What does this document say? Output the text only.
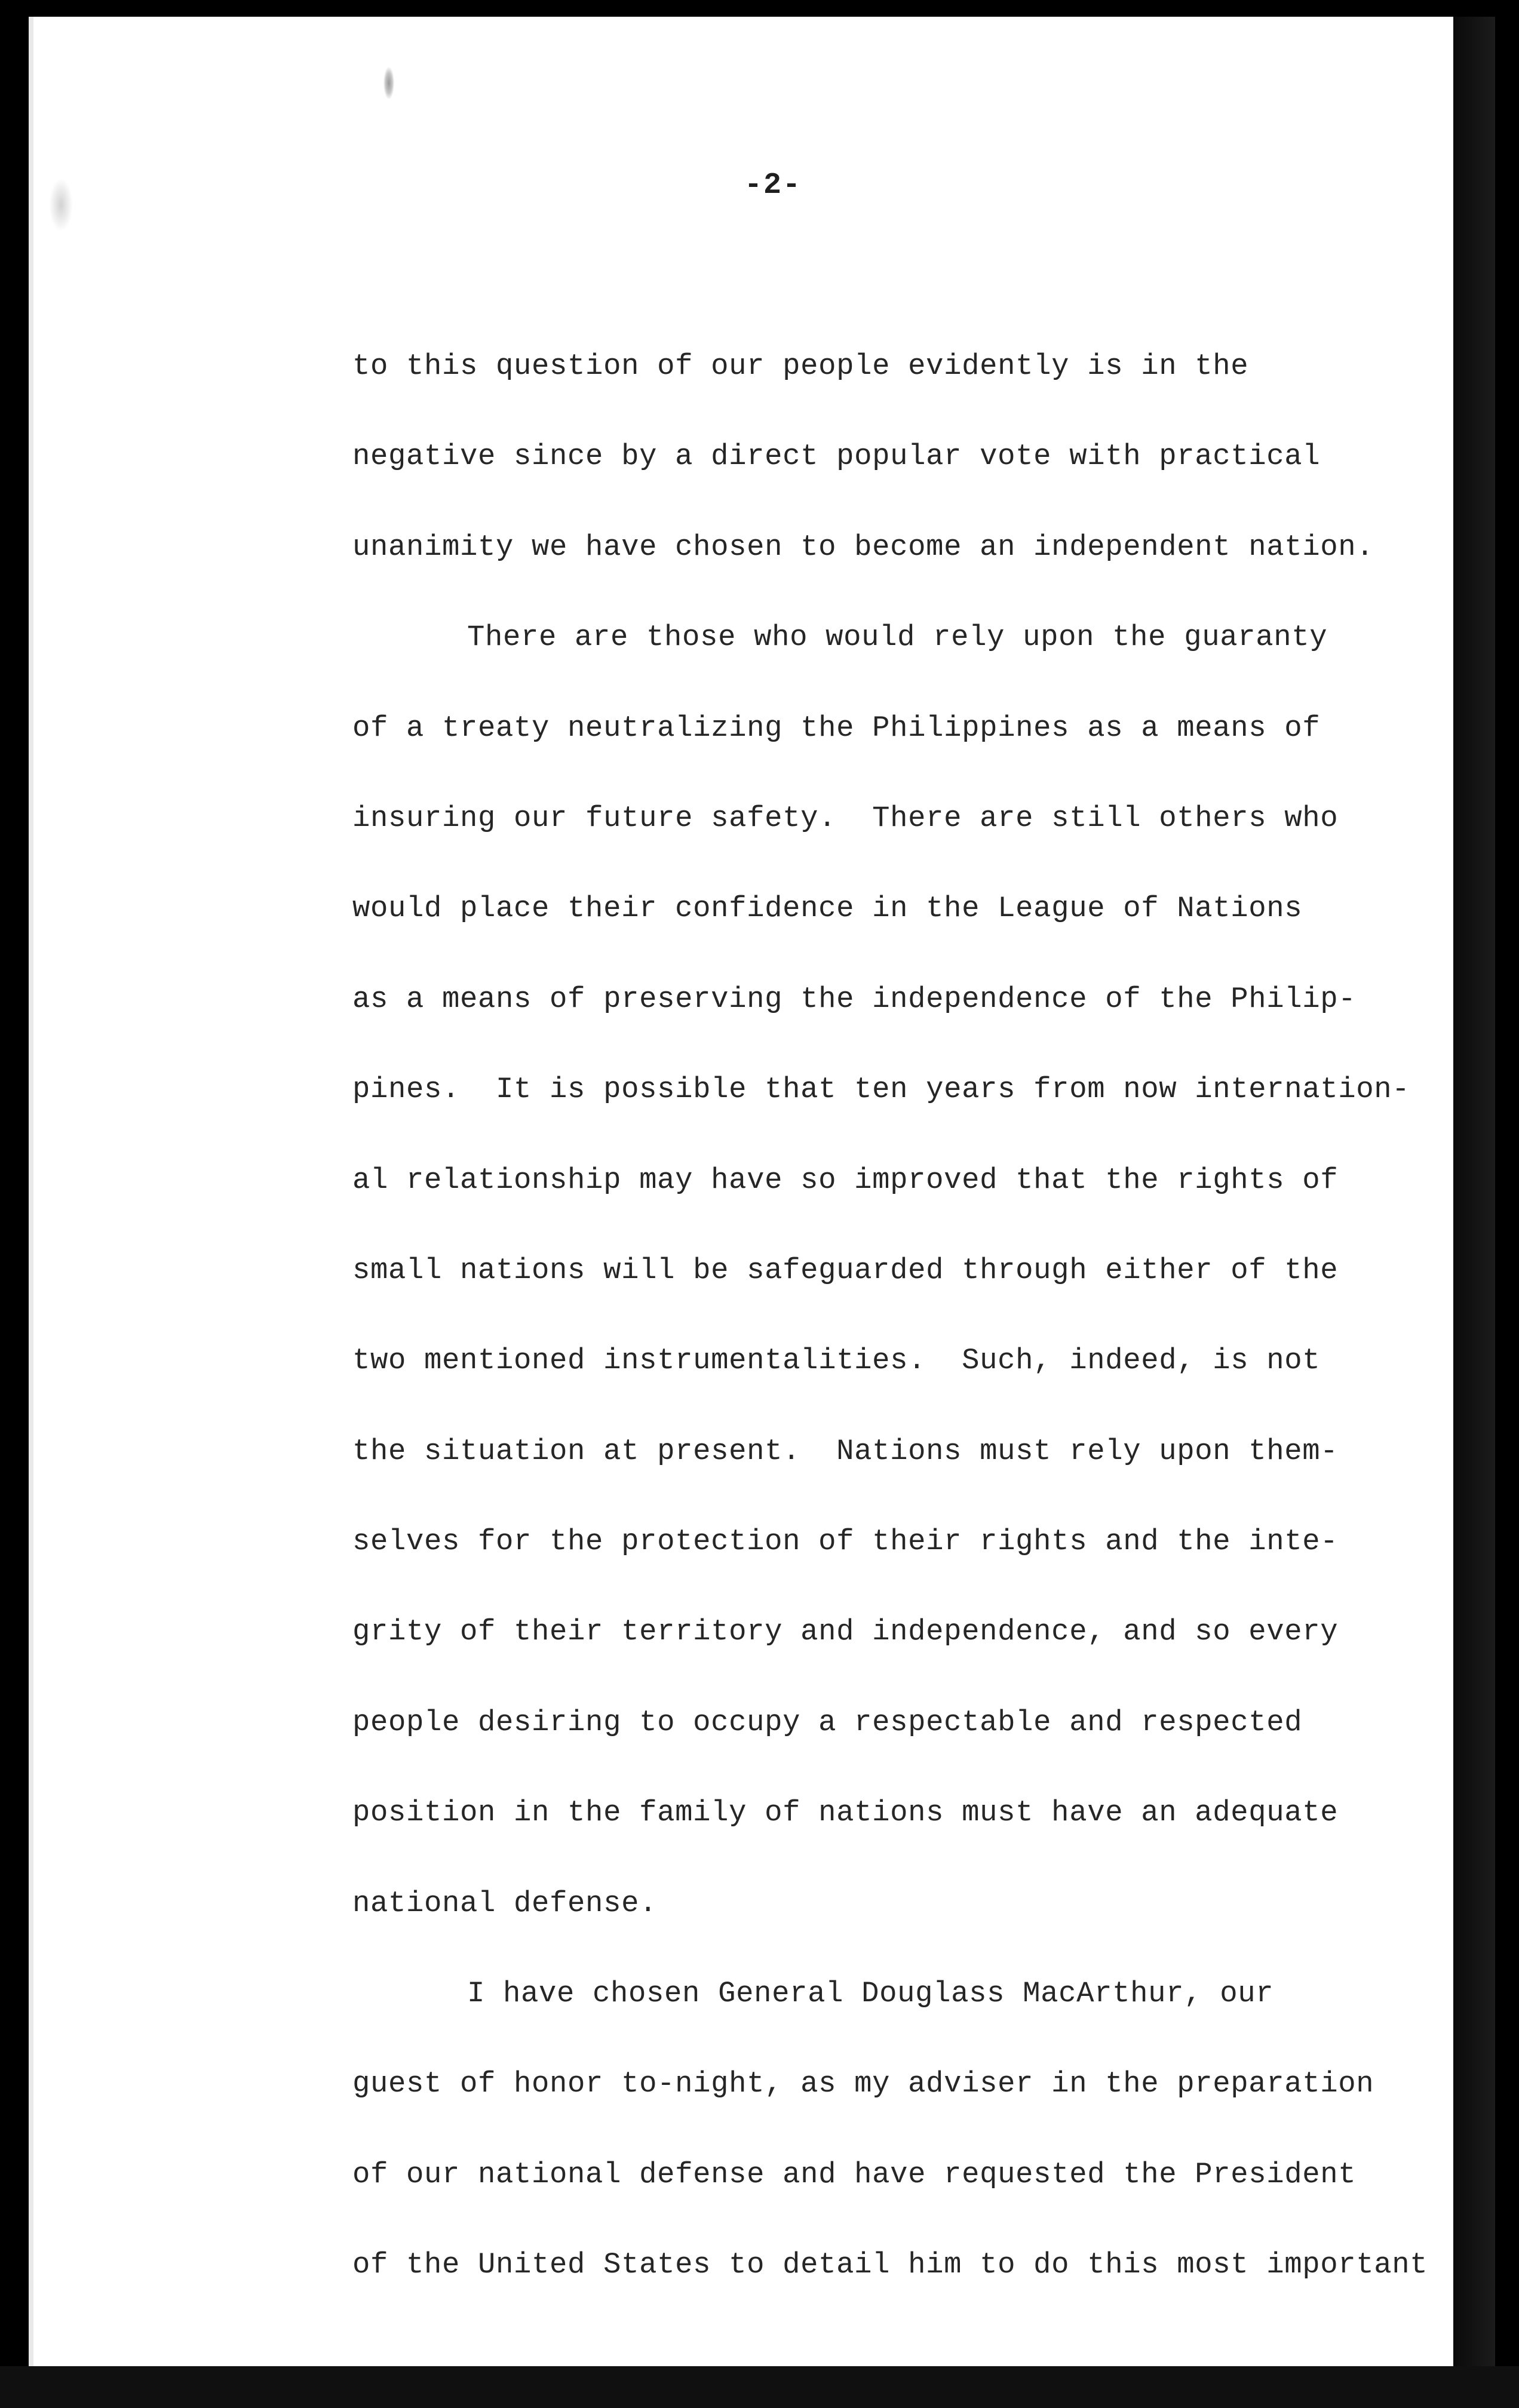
-2-

to this question of our people evidently is in the

negative since by a direct popular vote with practical

unanimity we have chosen to become an independent nation.

There are those who would rely upon the guaranty

of a treaty neutralizing the Philippines as a means of

insuring our future safety.  There are still others who

would place their confidence in the League of Nations

as a means of preserving the independence of the Philip-

pines.  It is possible that ten years from now internation-

al relationship may have so improved that the rights of

small nations will be safeguarded through either of the

two mentioned instrumentalities.  Such, indeed, is not

the situation at present.  Nations must rely upon them-

selves for the protection of their rights and the inte-

grity of their territory and independence, and so every

people desiring to occupy a respectable and respected

position in the family of nations must have an adequate

national defense.

I have chosen General Douglass MacArthur, our

guest of honor to-night, as my adviser in the preparation

of our national defense and have requested the President

of the United States to detail him to do this most important
